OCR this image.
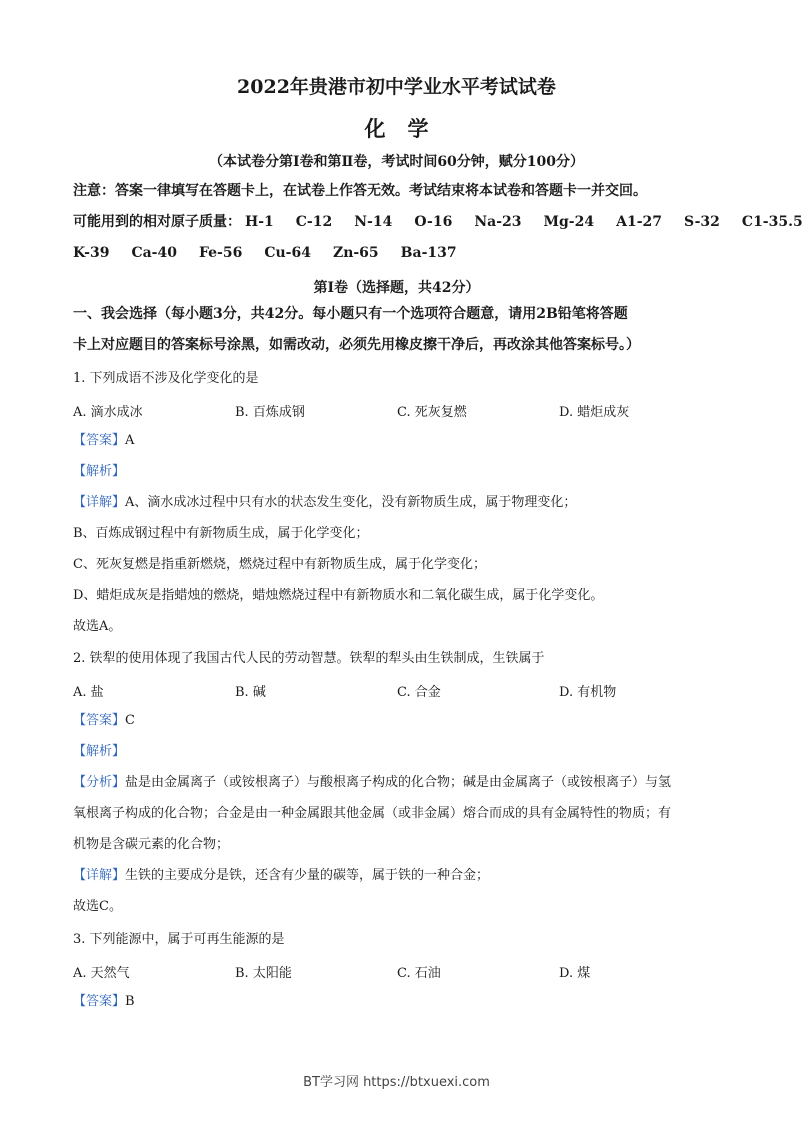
2022年贵港市初中学业水平考试试卷
化学
（本试卷分第Ⅰ卷和第Ⅱ卷，考试时间60分钟，赋分100分）
注意：答案一律填写在答题卡上，在试卷上作答无效。考试结束将本试卷和答题卡一并交回。
可能用到的相对原子质量： H-1 C-12 N-14 O-16 Na-23 Mg-24 A1-27 S-32 C1-35.5
K-39 Ca-40 Fe-56 Cu-64 Zn-65 Ba-137
第Ⅰ卷（选择题，共42分）
一、我会选择（每小题3分，共42分。每小题只有一个选项符合题意，请用2B铅笔将答题
卡上对应题目的答案标号涂黑，如需改动，必须先用橡皮擦干净后，再改涂其他答案标号。）
1. 下列成语不涉及化学变化的是
A. 滴水成冰	B. 百炼成钢	C. 死灰复燃	D. 蜡炬成灰
【答案】A
【解析】
【详解】A、滴水成冰过程中只有水的状态发生变化，没有新物质生成，属于物理变化；
B、百炼成钢过程中有新物质生成，属于化学变化；
C、死灰复燃是指重新燃烧，燃烧过程中有新物质生成，属于化学变化；
D、蜡炬成灰是指蜡烛的燃烧，蜡烛燃烧过程中有新物质水和二氧化碳生成，属于化学变化。
故选A。
2. 铁犁的使用体现了我国古代人民的劳动智慧。铁犁的犁头由生铁制成，生铁属于
A. 盐	B. 碱	C. 合金	D. 有机物
【答案】C
【解析】
【分析】盐是由金属离子（或铵根离子）与酸根离子构成的化合物；碱是由金属离子（或铵根离子）与氢
氧根离子构成的化合物；合金是由一种金属跟其他金属（或非金属）熔合而成的具有金属特性的物质；有
机物是含碳元素的化合物；
【详解】生铁的主要成分是铁，还含有少量的碳等，属于铁的一种合金；
故选C。
3. 下列能源中，属于可再生能源的是
A. 天然气	B. 太阳能	C. 石油	D. 煤
【答案】B
BT学习网 https://btxuexi.com
